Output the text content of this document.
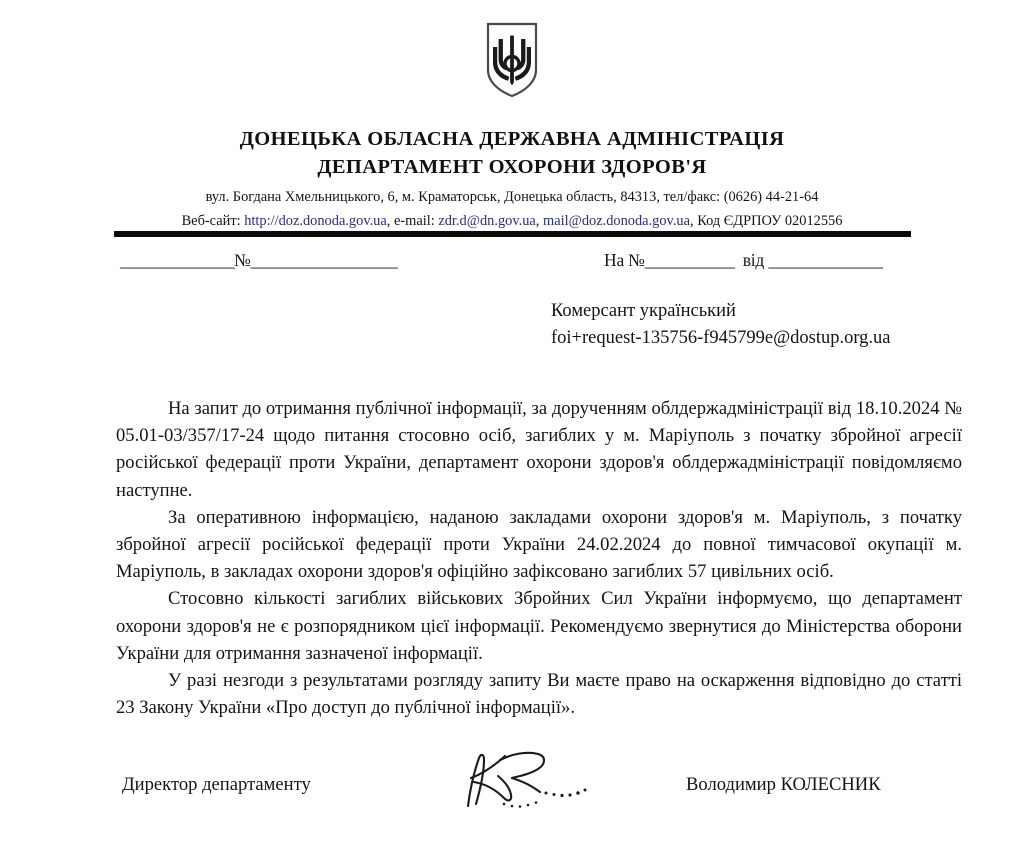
ДОНЕЦЬКА ОБЛАСНА ДЕРЖАВНА АДМІНІСТРАЦІЯ
ДЕПАРТАМЕНТ ОХОРОНИ ЗДОРОВ'Я
вул. Богдана Хмельницького, 6, м. Краматорськ, Донецька область, 84313, тел/факс: (0626) 44-21-64
Веб-сайт: http://doz.donoda.gov.ua, e-mail: zdr.d@dn.gov.ua, mail@doz.donoda.gov.ua, Код ЄДРПОУ 02012556
______________№__________________	На №___________ від ______________
Комерсант український
foi+request-135756-f945799e@dostup.org.ua

На запит до отримання публічної інформації, за дорученням облдержадміністрації від 18.10.2024 № 05.01-03/357/17-24 щодо питання стосовно осіб, загиблих у м. Маріуполь з початку збройної агресії російської федерації проти України, департамент охорони здоров'я облдержадміністрації повідомляємо наступне.

За оперативною інформацією, наданою закладами охорони здоров'я м. Маріуполь, з початку збройної агресії російської федерації проти України 24.02.2024 до повної тимчасової окупації м. Маріуполь, в закладах охорони здоров'я офіційно зафіксовано загиблих 57 цивільних осіб.

Стосовно кількості загиблих військових Збройних Сил України інформуємо, що департамент охорони здоров'я не є розпорядником цієї інформації. Рекомендуємо звернутися до Міністерства оборони України для отримання зазначеної інформації.

У разі незгоди з результатами розгляду запиту Ви маєте право на оскарження відповідно до статті 23 Закону України «Про доступ до публічної інформації».

Директор департаменту	Володимир КОЛЕСНИК
